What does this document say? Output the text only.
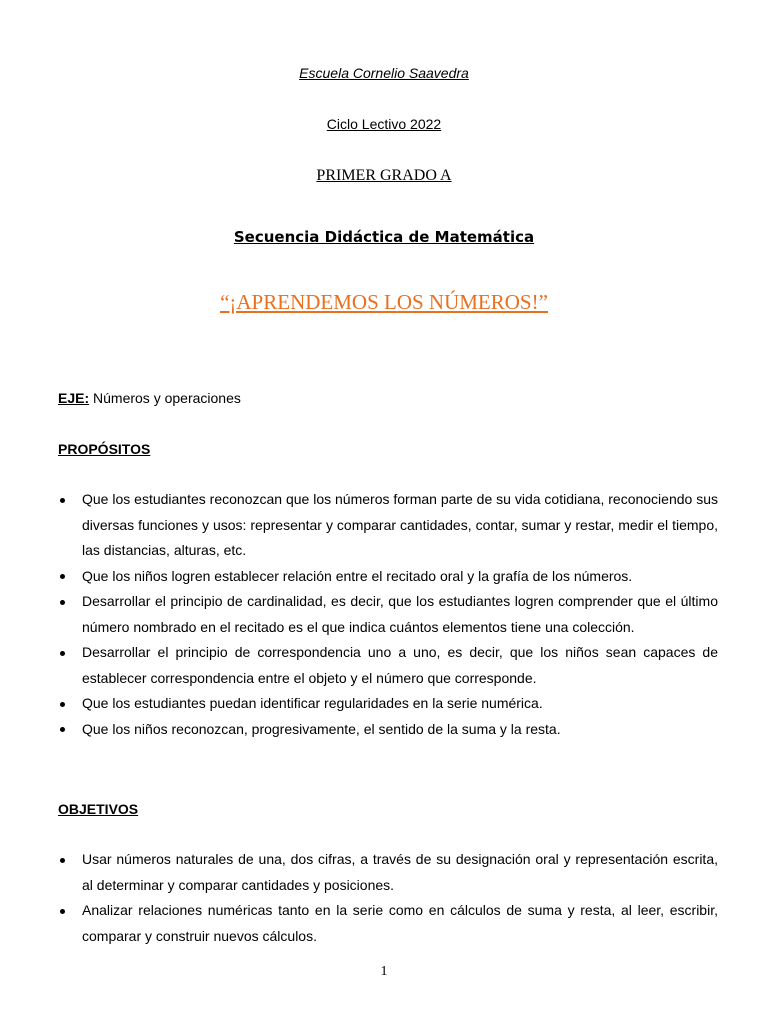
Escuela Cornelio Saavedra
Ciclo Lectivo 2022
PRIMER GRADO A
Secuencia Didáctica de Matemática
“¡APRENDEMOS LOS NÚMEROS!”
EJE: Números y operaciones
PROPÓSITOS
Que los estudiantes reconozcan que los números forman parte de su vida cotidiana, reconociendo sus diversas funciones y usos: representar y comparar cantidades, contar, sumar y restar, medir el tiempo, las distancias, alturas, etc.
Que los niños logren establecer relación entre el recitado oral y la grafía de los números.
Desarrollar el principio de cardinalidad, es decir, que los estudiantes logren comprender que el último número nombrado en el recitado es el que indica cuántos elementos tiene una colección.
Desarrollar el principio de correspondencia uno a uno, es decir, que los niños sean capaces de establecer correspondencia entre el objeto y el número que corresponde.
Que los estudiantes puedan identificar regularidades en la serie numérica.
Que los niños reconozcan, progresivamente, el sentido de la suma y la resta.
OBJETIVOS
Usar números naturales de una, dos cifras, a través de su designación oral y representación escrita, al determinar y comparar cantidades y posiciones.
Analizar relaciones numéricas tanto en la serie como en cálculos de suma y resta, al leer, escribir, comparar y construir nuevos cálculos.
1
